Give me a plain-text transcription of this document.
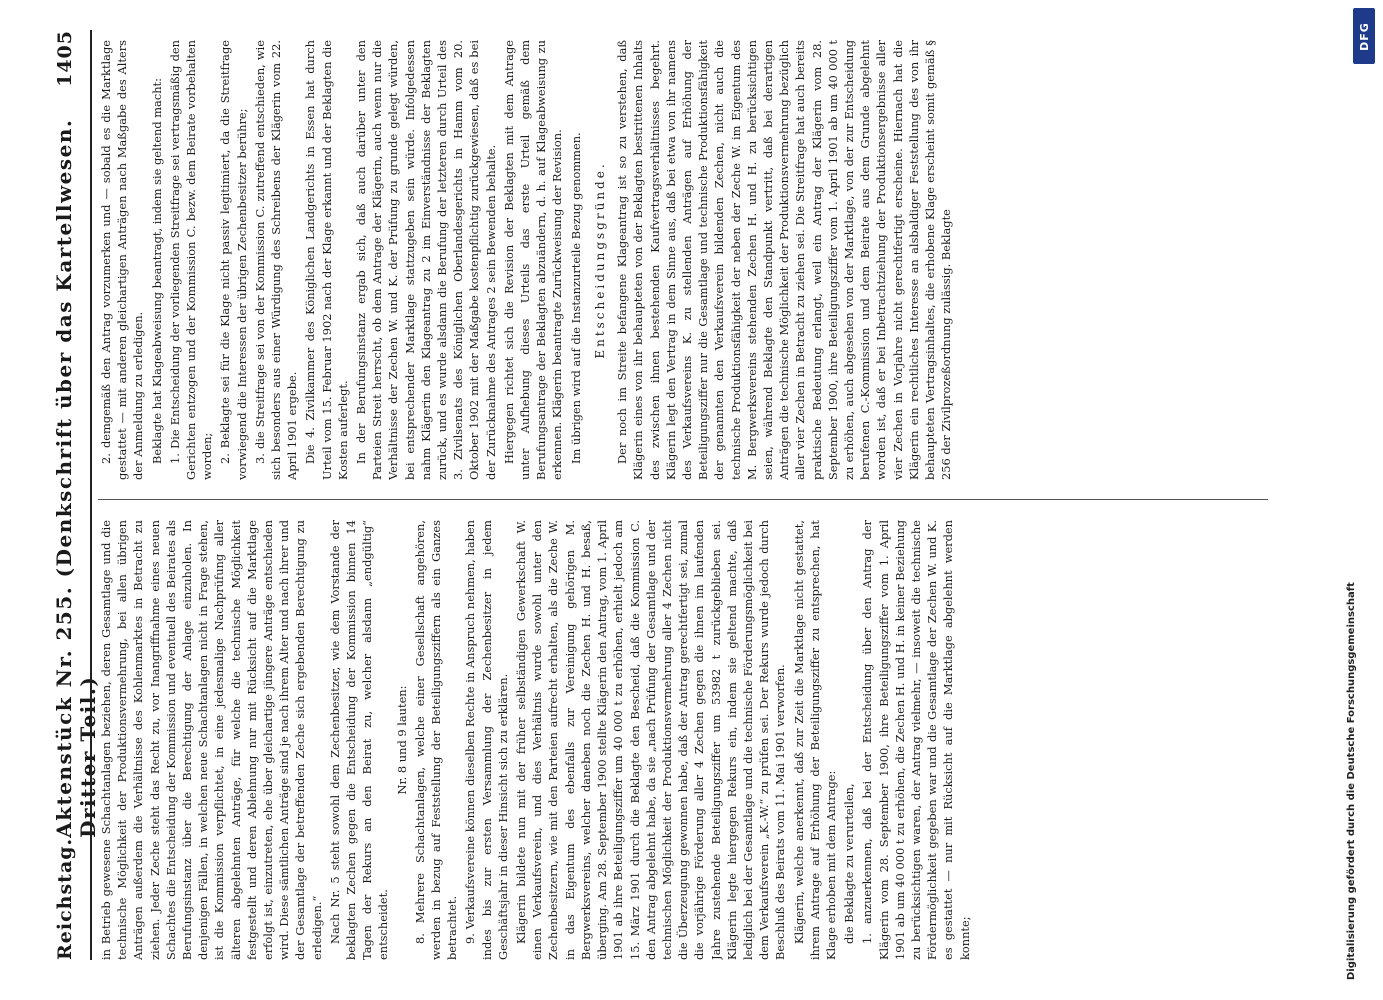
Reichstag.
Aktenstück Nr. 255. (Denkschrift über das Kartellwesen. Dritter Teil.)
1405

in Betrieb gewesene Schachtanlagen beziehen, deren Gesamtlage und die technische Möglichkeit der Produktionsvermehrung, bei allen übrigen Anträgen außerdem die Verhältnisse des Kohlenmarktes in Betracht zu ziehen. Jeder Zeche steht das Recht zu, vor Inangriffnahme eines neuen Schachtes die Entscheidung der Kommission und eventuell des Beirates als Berufungsinstanz über die Berechtigung der Anlage einzuholen. In denjenigen Fällen, in welchen neue Schachtanlagen nicht in Frage stehen, ist die Kommission verpflichtet, in eine jedesmalige Nachprüfung aller älteren abgelehnten Anträge, für welche die technische Möglichkeit festgestellt und deren Ablehnung nur mit Rücksicht auf die Marktlage erfolgt ist, einzutreten, ehe über gleichartige jüngere Anträge entschieden wird. Diese sämtlichen Anträge sind je nach ihrem Alter und nach ihrer und der Gesamtlage der betreffenden Zeche sich ergebenden Berechtigung zu erledigen.“ Nach Nr. 5 steht sowohl dem Zechenbesitzer, wie dem Vorstande der beklagten Zechen gegen die Entscheidung der Kommission binnen 14 Tagen der Rekurs an den Beirat zu, welcher alsdann „endgültig“ entscheidet.

Nr. 8 und 9 lauten: 8. Mehrere Schachtanlagen, welche einer Gesellschaft angehören, werden in bezug auf Feststellung der Beteiligungsziffern als ein Ganzes betrachtet. 9. Verkaufsvereine können dieselben Rechte in Anspruch nehmen, haben indes bis zur ersten Versammlung der Zechenbesitzer in jedem Geschäftsjahr in dieser Hinsicht sich zu erklären. Klägerin bildete nun mit der früher selbständigen Gewerkschaft W. einen Verkaufsverein, und dies Verhältnis wurde sowohl unter den Zechenbesitzern, wie mit den Parteien aufrecht erhalten, als die Zeche W. in das Eigentum des ebenfalls zur Vereinigung gehörigen M. Bergwerksvereins, welcher daneben noch die Zechen H. und H. besaß, überging. Am 28. September 1900 stellte Klägerin den Antrag, vom 1. April 1901 ab ihre Beteiligungsziffer um 40 000 t zu erhöhen, erhielt jedoch am 15. März 1901 durch die Beklagte den Bescheid, daß die Kommission C. den Antrag abgelehnt habe, da sie „nach Prüfung der Gesamtlage und der technischen Möglichkeit der Produktionsvermehrung aller 4 Zechen nicht die Überzeugung gewonnen habe, daß der Antrag gerechtfertigt sei, zumal die vorjährige Förderung aller 4 Zechen gegen die ihnen im laufenden Jahre zustehende Beteiligungsziffer um 53982 t zurückgeblieben sei. Klägerin legte hiergegen Rekurs ein, indem sie geltend machte, daß lediglich bei der Gesamtlage und die technische Förderungsmöglichkeit bei dem Verkaufsverein „K.-W.“ zu prüfen sei. Der Rekurs wurde jedoch durch Beschluß des Beirats vom 11. Mai 1901 verworfen. Klägerin, welche anerkennt, daß zur Zeit die Marktlage nicht gestattet, ihrem Antrage auf Erhöhung der Beteiligungsziffer zu entsprechen, hat Klage erhoben mit dem Antrage: die Beklagte zu verurteilen, 1. anzuerkennen, daß bei der Entscheidung über den Antrag der Klägerin vom 28. September 1900, ihre Beteiligungsziffer vom 1. April 1901 ab um 40 000 t zu erhöhen, die Zechen H. und H. in keiner Beziehung zu berücksichtigen waren, der Antrag vielmehr, — insoweit die technische Fördermöglichkeit gegeben war und die Gesamtlage der Zechen W. und K. es gestattet — nur mit Rücksicht auf die Marktlage abgelehnt werden konnte;

2. demgemäß den Antrag vorzumerken und — sobald es die Marktlage gestattet — mit anderen gleichartigen Anträgen nach Maßgabe des Alters der Anmeldung zu erledigen. Beklagte hat Klageabweisung beantragt, indem sie geltend macht: 1. Die Entscheidung der vorliegenden Streitfrage sei vertragsmäßig den Gerichten entzogen und der Kommission C. bezw. dem Beirate vorbehalten worden; 2. Beklagte sei für die Klage nicht passiv legitimiert, da die Streitfrage vorwiegend die Interessen der übrigen Zechenbesitzer berühre; 3. die Streitfrage sei von der Kommission C. zutreffend entschieden, wie sich besonders aus einer Würdigung des Schreibens der Klägerin vom 22. April 1901 ergebe. Die 4. Zivilkammer des Königlichen Landgerichts in Essen hat durch Urteil vom 15. Februar 1902 nach der Klage erkannt und der Beklagten die Kosten auferlegt. In der Berufungsinstanz ergab sich, daß auch darüber unter den Parteien Streit herrscht, ob dem Antrage der Klägerin, auch wenn nur die Verhältnisse der Zechen W. und K. der Prüfung zu grunde gelegt würden, bei entsprechender Marktlage stattzugeben sein würde. Infolgedessen nahm Klägerin den Klageantrag zu 2 im Einverständnisse der Beklagten zurück, und es wurde alsdann die Berufung der letzteren durch Urteil des 3. Zivilsenats des Königlichen Oberlandesgerichts in Hamm vom 20. Oktober 1902 mit der Maßgabe kostenpflichtig zurückgewiesen, daß es bei der Zurücknahme des Antrages 2 sein Bewenden behalte. Hiergegen richtet sich die Revision der Beklagten mit dem Antrage unter Aufhebung dieses Urteils das erste Urteil gemäß dem Berufungsantrage der Beklagten abzuändern, d. h. auf Klageabweisung zu erkennen. Klägerin beantragte Zurückweisung der Revision. Im übrigen wird auf die Instanzurteile Bezug genommen. Entscheidungsgründe. Der noch im Streite befangene Klageantrag ist so zu verstehen, daß Klägerin eines von ihr behaupteten von der Beklagten bestrittenen Inhalts des zwischen ihnen bestehenden Kaufvertragsverhältnisses begehrt. Klägerin legt den Vertrag in dem Sinne aus, daß bei etwa von ihr namens des Verkaufsvereins K. zu stellenden Anträgen auf Erhöhung der Beteiligungsziffer nur die Gesamtlage und technische Produktionsfähigkeit der genannten den Verkaufsverein bildenden Zechen, nicht auch die technische Produktionsfähigkeit der neben der Zeche W. im Eigentum des M. Bergwerksvereins stehenden Zechen H. und H. zu berücksichtigen seien, während Beklagte den Standpunkt vertritt, daß bei derartigen Anträgen die technische Möglichkeit der Produktionsvermehrung bezüglich aller vier Zechen in Betracht zu ziehen sei. Die Streitfrage hat auch bereits praktische Bedeutung erlangt, weil ein Antrag der Klägerin vom 28. September 1900, ihre Beteiligungsziffer vom 1. April 1901 ab um 40 000 t zu erhöhen, auch abgesehen von der Marktlage, von der zur Entscheidung berufenen C.-Kommission und dem Beirate aus dem Grunde abgelehnt worden ist, daß er bei Inbetrachtziehung der Produktionsergebnisse aller vier Zechen in Vorjahre nicht gerechtfertigt erscheine. Hiernach hat die Klägerin ein rechtliches Interesse an alsbaldiger Feststellung des von ihr behaupteten Vertragsinhaltes, die erhobene Klage erscheint somit gemäß § 256 der Zivilprozeßordnung zulässig. Beklagte

Digitalisierung gefördert durch die Deutsche Forschungsgemeinschaft
DFG
